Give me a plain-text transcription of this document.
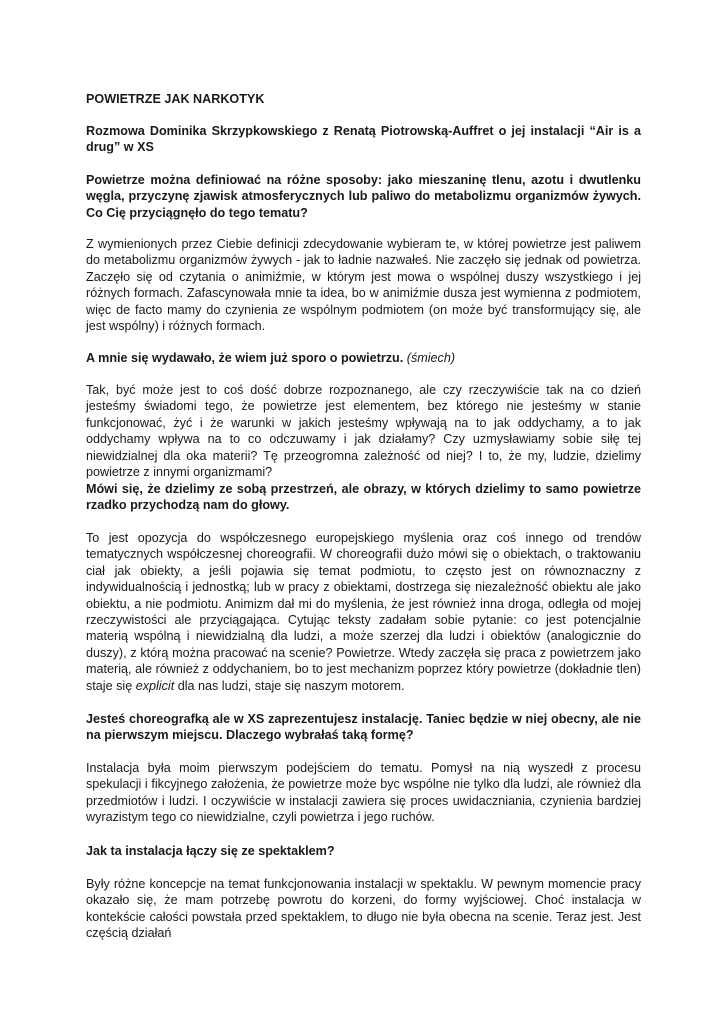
POWIETRZE JAK NARKOTYK

Rozmowa Dominika Skrzypkowskiego z Renatą Piotrowską-Auffret o jej instalacji “Air is a drug” w XS

Powietrze można definiować na różne sposoby: jako mieszaninę tlenu, azotu i dwutlenku węgla, przyczynę zjawisk atmosferycznych lub paliwo do metabolizmu organizmów żywych. Co Cię przyciągnęło do tego tematu?

Z wymienionych przez Ciebie definicji zdecydowanie wybieram te, w której powietrze jest paliwem do metabolizmu organizmów żywych - jak to ładnie nazwałeś. Nie zaczęło się jednak od powietrza. Zaczęło się od czytania o animiźmie, w którym jest mowa o wspólnej duszy wszystkiego i jej różnych formach. Zafascynowała mnie ta idea, bo w animiźmie dusza jest wymienna z podmiotem, więc de facto mamy do czynienia ze wspólnym podmiotem (on może być transformujący się, ale jest wspólny) i różnych formach.

A mnie się wydawało, że wiem już sporo o powietrzu. (śmiech)

Tak, być może jest to coś dość dobrze rozpoznanego, ale czy rzeczywiście tak na co dzień jesteśmy świadomi tego, że powietrze jest elementem, bez którego nie jesteśmy w stanie funkcjonować, żyć i że warunki w jakich jesteśmy wpływają na to jak oddychamy, a to jak oddychamy wpływa na to co odczuwamy i jak działamy? Czy uzmysławiamy sobie siłę tej niewidzialnej dla oka materii? Tę przeogromna zależność od niej? I to, że my, ludzie, dzielimy powietrze z innymi organizmami?

Mówi się, że dzielimy ze sobą przestrzeń, ale obrazy, w których dzielimy to samo powietrze rzadko przychodzą nam do głowy.

To jest opozycja do współczesnego europejskiego myślenia oraz coś innego od trendów tematycznych współczesnej choreografii. W choreografii dużo mówi się o obiektach, o traktowaniu ciał jak obiekty, a jeśli pojawia się temat podmiotu, to często jest on równoznaczny z indywidualnością i jednostką; lub w pracy z obiektami, dostrzega się niezależność obiektu ale jako obiektu, a nie podmiotu. Animizm dał mi do myślenia, że jest również inna droga, odległa od mojej rzeczywistości ale przyciągająca. Cytując teksty zadałam sobie pytanie: co jest potencjalnie materią wspólną i niewidzialną dla ludzi, a może szerzej dla ludzi i obiektów (analogicznie do duszy), z którą można pracować na scenie? Powietrze. Wtedy zaczęła się praca z powietrzem jako materią, ale również z oddychaniem, bo to jest mechanizm poprzez który powietrze (dokładnie tlen) staje się explicit dla nas ludzi, staje się naszym motorem.

Jesteś choreografką ale w XS zaprezentujesz instalację. Taniec będzie w niej obecny, ale nie na pierwszym miejscu. Dlaczego wybrałaś taką formę?

Instalacja była moim pierwszym podejściem do tematu. Pomysł na nią wyszedł z procesu spekulacji i fikcyjnego założenia, że powietrze może byc wspólne nie tylko dla ludzi, ale również dla przedmiotów i ludzi. I oczywiście w instalacji zawiera się proces uwidaczniania, czynienia bardziej wyrazistym tego co niewidzialne, czyli powietrza i jego ruchów.

Jak ta instalacja łączy się ze spektaklem?

Były różne koncepcje na temat funkcjonowania instalacji w spektaklu. W pewnym momencie pracy okazało się, że mam potrzebę powrotu do korzeni, do formy wyjściowej. Choć instalacja w kontekście całości powstała przed spektaklem, to długo nie była obecna na scenie. Teraz jest. Jest częścią działań
